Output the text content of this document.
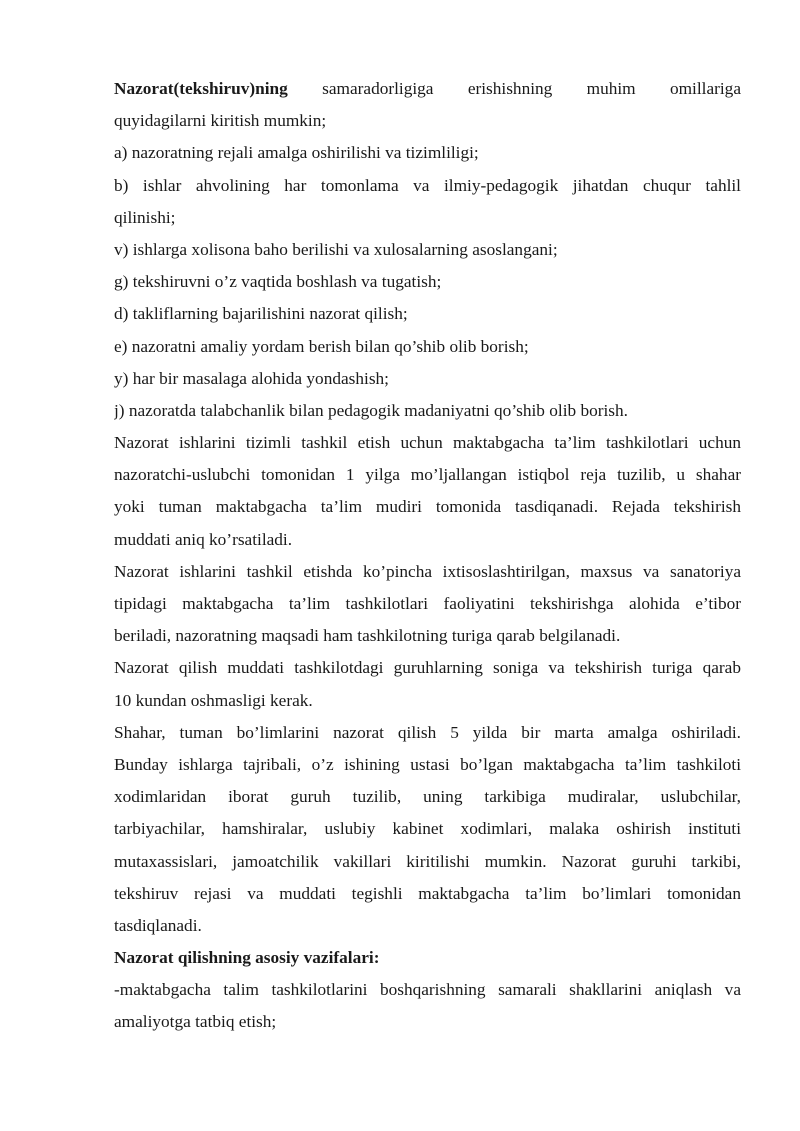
Nazorat(tekshiruv)ning samaradorligiga erishishning muhim omillariga
quyidagilarni kiritish mumkin;
a) nazoratning rejali amalga oshirilishi va tizimliligi;
b) ishlar ahvolining har tomonlama va ilmiy-pedagogik jihatdan chuqur tahlil
qilinishi;
v) ishlarga xolisona baho berilishi va xulosalarning asoslangani;
g) tekshiruvni o’z vaqtida boshlash va tugatish;
d) takliflarning bajarilishini nazorat qilish;
e) nazoratni amaliy yordam berish bilan qo’shib olib borish;
y) har bir masalaga alohida yondashish;
j) nazoratda talabchanlik bilan pedagogik madaniyatni qo’shib olib borish.
Nazorat ishlarini tizimli tashkil etish uchun maktabgacha ta’lim tashkilotlari uchun
nazoratchi-uslubchi tomonidan 1 yilga mo’ljallangan istiqbol reja tuzilib, u shahar
yoki tuman maktabgacha ta’lim mudiri tomonida tasdiqanadi. Rejada tekshirish
muddati aniq ko’rsatiladi.
Nazorat ishlarini tashkil etishda ko’pincha ixtisoslashtirilgan, maxsus va sanatoriya
tipidagi maktabgacha ta’lim tashkilotlari faoliyatini tekshirishga alohida e’tibor
beriladi, nazoratning maqsadi ham tashkilotning turiga qarab belgilanadi.
Nazorat qilish muddati tashkilotdagi guruhlarning soniga va tekshirish turiga qarab
10 kundan oshmasligi kerak.
Shahar, tuman bo’limlarini nazorat qilish 5 yilda bir marta amalga oshiriladi.
Bunday ishlarga tajribali, o’z ishining ustasi bo’lgan maktabgacha ta’lim tashkiloti
xodimlaridan iborat guruh tuzilib, uning tarkibiga mudiralar, uslubchilar,
tarbiyachilar, hamshiralar, uslubiy kabinet xodimlari, malaka oshirish instituti
mutaxassislari, jamoatchilik vakillari kiritilishi mumkin. Nazorat guruhi tarkibi,
tekshiruv rejasi va muddati tegishli maktabgacha ta’lim bo’limlari tomonidan
tasdiqlanadi.
Nazorat qilishning asosiy vazifalari:
-maktabgacha talim tashkilotlarini boshqarishning samarali shakllarini aniqlash va
amaliyotga tatbiq etish;
